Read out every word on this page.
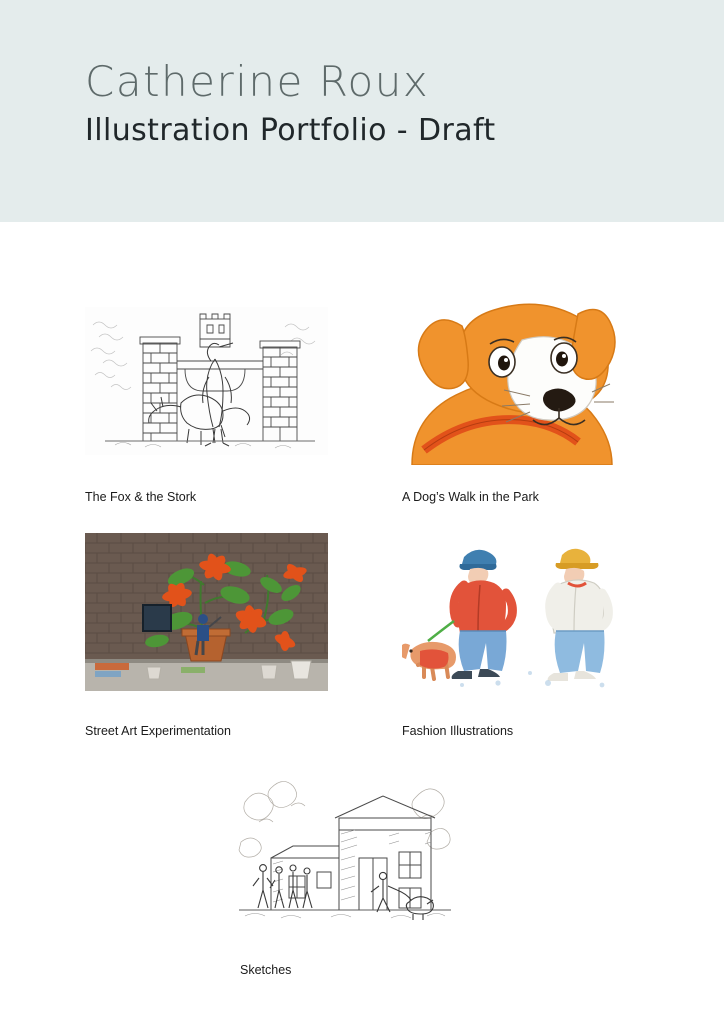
Catherine Roux
Illustration Portfolio - Draft
The Fox & the Stork	A Dog’s Walk in the Park
Street Art Experimentation	Fashion Illustrations
Sketches
